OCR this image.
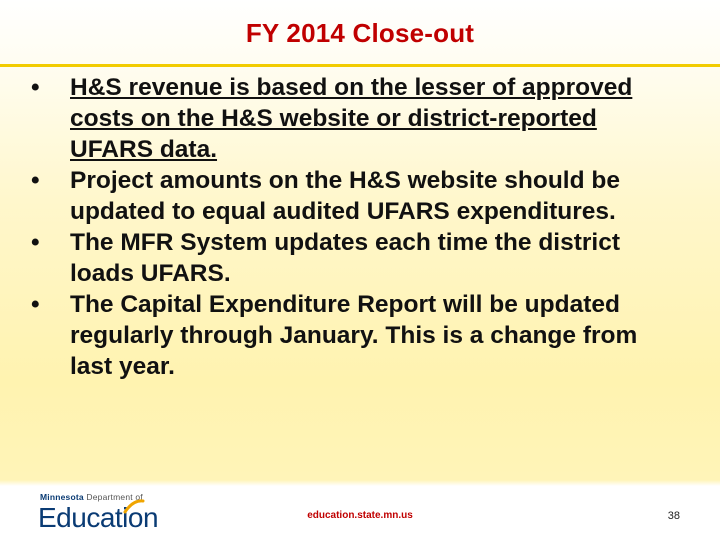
FY 2014 Close-out
•	H&S revenue is based on the lesser of approved costs on the H&S website or district-reported UFARS data.
•	Project amounts on the H&S website should be updated to equal audited UFARS expenditures.
•	The MFR System updates each time the district loads UFARS.
•	The Capital Expenditure Report will be updated regularly through January. This is a change from last year.
Minnesota Department of
Education	education.state.mn.us	38
